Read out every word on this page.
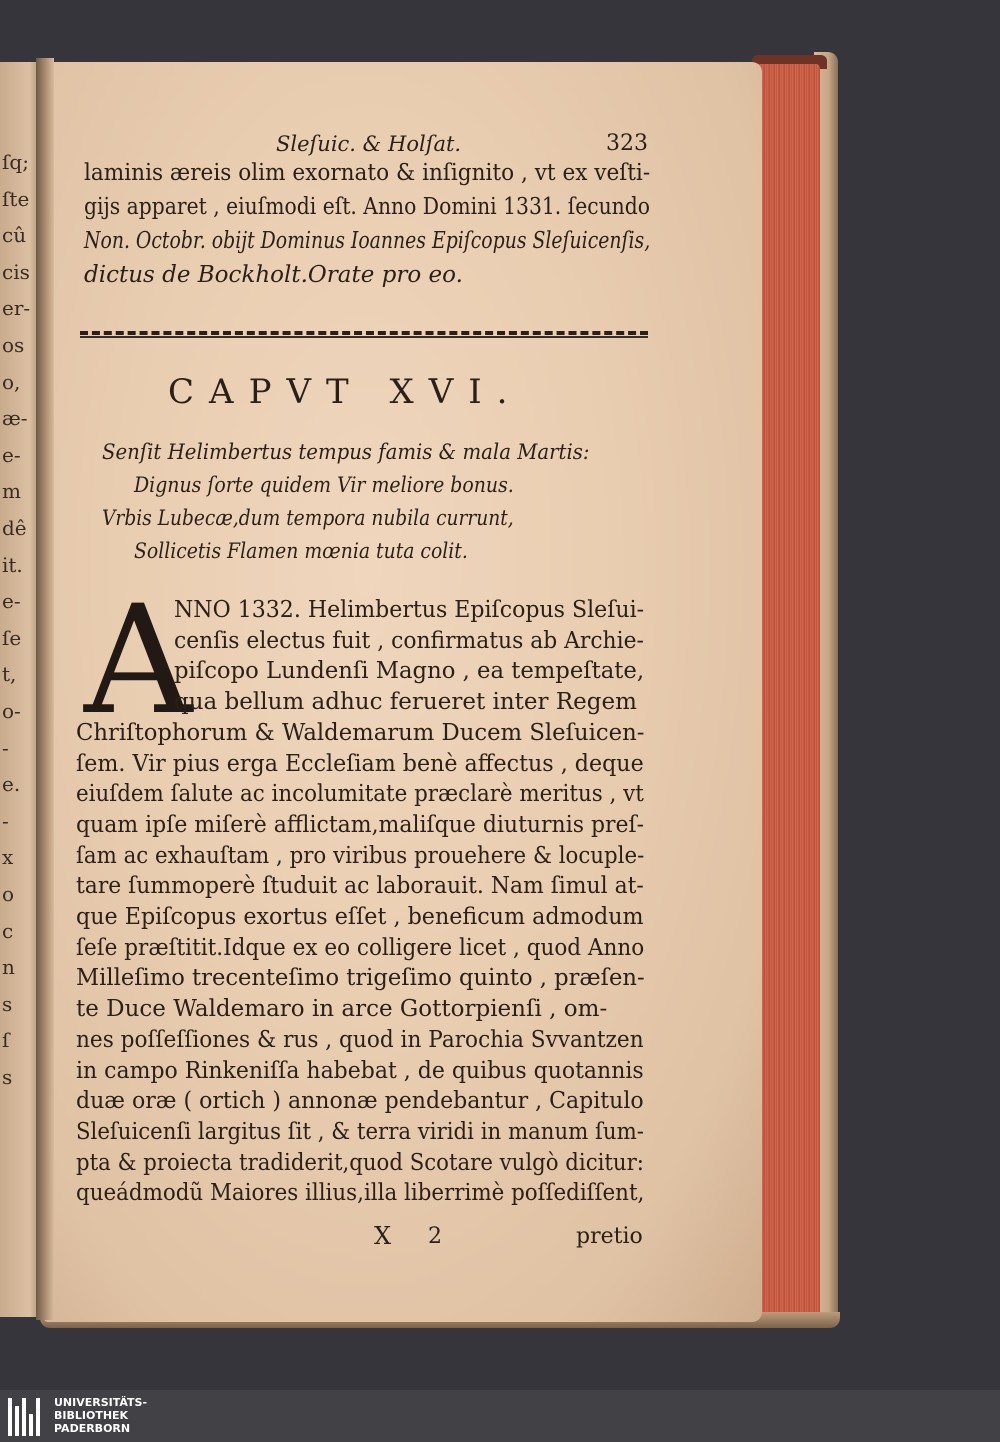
ſq;
ſte
cû
cis
er-
os
o,
æ-
e-
m
dê
it.
e-
ſe
t,
o-
-
e.
-
x
o
c
n
s
ſ
s
Sleſuic. & Holſat.	323
laminis æreis olim exornato & inſignito , vt ex veſti-
gijs apparet , eiuſmodi eſt. Anno Domini 1331. ſecundo
Non. Octobr. obijt Dominus Ioannes Epiſcopus Sleſuicenſis,
dictus de Bockholt.Orate pro eo.
CAPVT XVI.
Senſit Helimbertus tempus famis & mala Martis:
Dignus ſorte quidem Vir meliore bonus.
Vrbis Lubecæ,dum tempora nubila currunt,
Sollicetis Flamen mœnia tuta colit.
A
NNO 1332. Helimbertus Epiſcopus Sleſui-
cenſis electus fuit , confirmatus ab Archie-
piſcopo Lundenſi Magno , ea tempeſtate,
qua bellum adhuc ferueret inter Regem
Chriſtophorum & Waldemarum Ducem Sleſuicen-
ſem. Vir pius erga Eccleſiam benè affectus , deque
eiuſdem ſalute ac incolumitate præclarè meritus , vt
quam ipſe miſerè afflictam,maliſque diuturnis preſ-
ſam ac exhauſtam , pro viribus prouehere & locuple-
tare ſummoperè ſtuduit ac laborauit. Nam ſimul at-
que Epiſcopus exortus eſſet , beneficum admodum
ſeſe præſtitit.Idque ex eo colligere licet , quod Anno
Milleſimo trecenteſimo trigeſimo quinto , præſen-
te Duce Waldemaro in arce Gottorpienſi , om-
nes poſſeſſiones & rus , quod in Parochia Svvantzen
in campo Rinkeniſſa habebat , de quibus quotannis
duæ oræ ( ortich ) annonæ pendebantur , Capitulo
Sleſuicenſi largitus ſit , & terra viridi in manum ſum-
pta & proiecta tradiderit,quod Scotare vulgò dicitur:
queádmodũ Maiores illius,illa liberrimè poſſediſſent,
X 2	pretio
UNIVERSITÄTS-
BIBLIOTHEK
PADERBORN
